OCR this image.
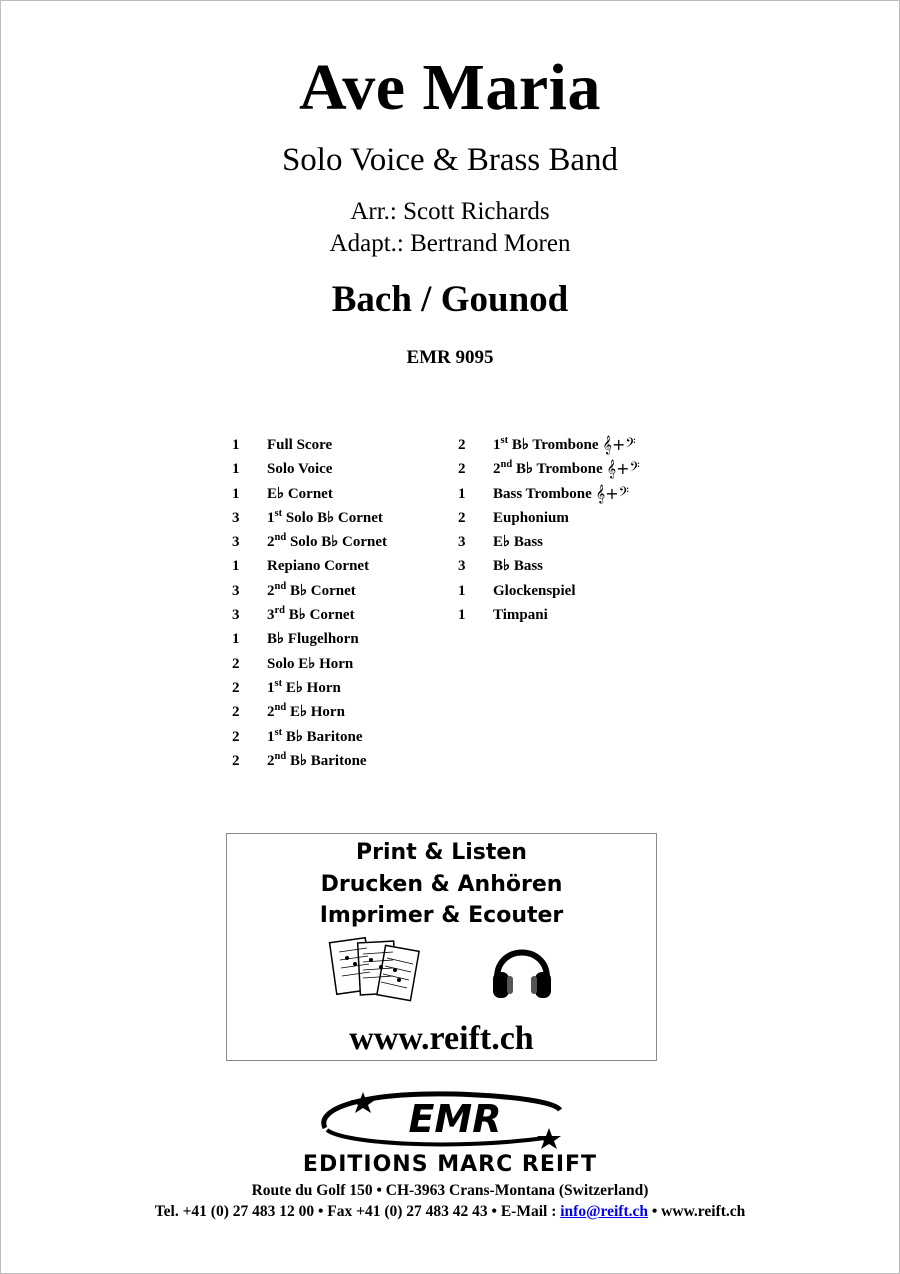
Ave Maria
Solo Voice & Brass Band
Arr.: Scott Richards
Adapt.: Bertrand Moren
Bach / Gounod
EMR 9095
1	Full Score
1	Solo Voice
1	E♭ Cornet
3	1st Solo B♭ Cornet
3	2nd Solo B♭ Cornet
1	Repiano Cornet
3	2nd B♭ Cornet
3	3rd B♭ Cornet
1	B♭ Flugelhorn
2	Solo E♭ Horn
2	1st E♭ Horn
2	2nd E♭ Horn
2	1st B♭ Baritone
2	2nd B♭ Baritone
2	1st B♭ Trombone 𝄞+𝄢
2	2nd B♭ Trombone 𝄞+𝄢
1	Bass Trombone 𝄞+𝄢
2	Euphonium
3	E♭ Bass
3	B♭ Bass
1	Glockenspiel
1	Timpani
Print & Listen
Drucken & Anhören
Imprimer & Ecouter
www.reift.ch
EMR
EDITIONS MARC REIFT
Route du Golf 150 • CH-3963 Crans-Montana (Switzerland)
Tel. +41 (0) 27 483 12 00 • Fax +41 (0) 27 483 42 43 • E-Mail : info@reift.ch • www.reift.ch
